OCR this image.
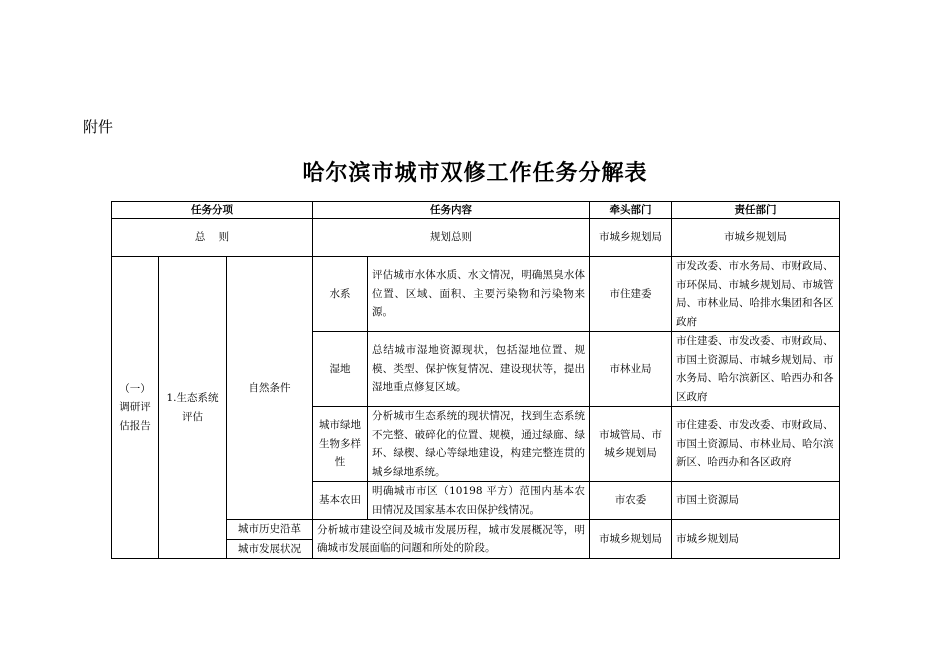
附件
哈尔滨市城市双修工作任务分解表
任务分项			任务内容		牵头部门	责任部门
总    则			规划总则		市城乡规划局	市城乡规划局
（一）调研评估报告	1.生态系统评估	自然条件	水系	评估城市水体水质、水文情况，明确黑臭水体位置、区域、面积、主要污染物和污染物来源。	市住建委	市发改委、市水务局、市财政局、市环保局、市城乡规划局、市城管局、市林业局、哈排水集团和各区政府
			湿地	总结城市湿地资源现状，包括湿地位置、规模、类型、保护恢复情况、建设现状等，提出湿地重点修复区域。	市林业局	市住建委、市发改委、市财政局、市国土资源局、市城乡规划局、市水务局、哈尔滨新区、哈西办和各区政府
			城市绿地生物多样性	分析城市生态系统的现状情况，找到生态系统不完整、破碎化的位置、规模，通过绿廊、绿环、绿楔、绿心等绿地建设，构建完整连贯的城乡绿地系统。	市城管局、市城乡规划局	市住建委、市发改委、市财政局、市国土资源局、市林业局、哈尔滨新区、哈西办和各区政府
			基本农田	明确城市市区（10198 平方）范围内基本农田情况及国家基本农田保护线情况。	市农委	市国土资源局
		城市历史沿革	分析城市建设空间及城市发展历程，城市发展概况等，明确城市发展面临的问题和所处的阶段。		市城乡规划局	市城乡规划局
		城市发展状况				
